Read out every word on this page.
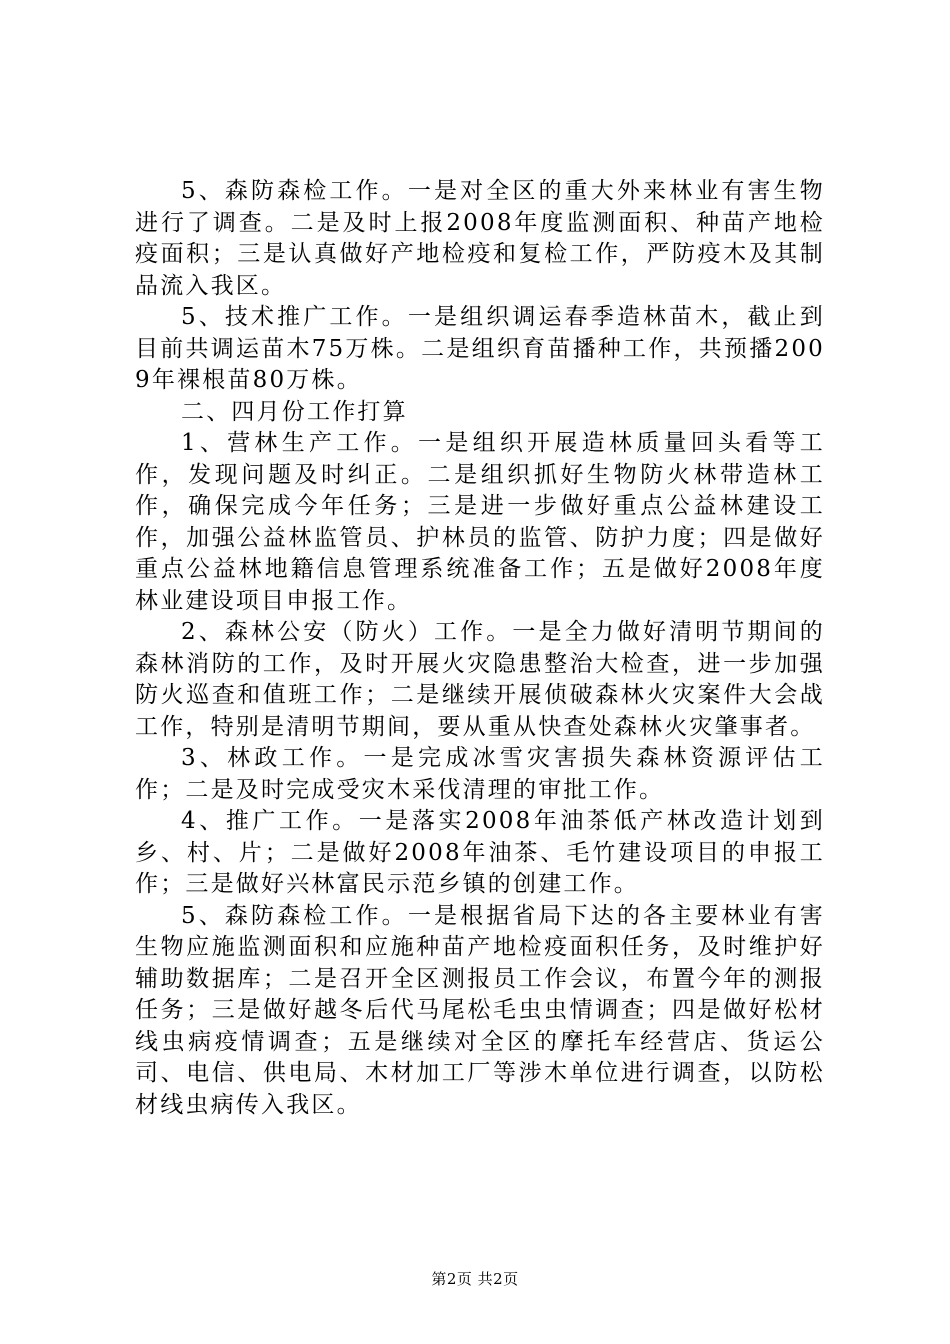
5、森防森检工作。一是对全区的重大外来林业有害生物进行了调查。二是及时上报2008年度监测面积、种苗产地检疫面积；三是认真做好产地检疫和复检工作，严防疫木及其制品流入我区。

5、技术推广工作。一是组织调运春季造林苗木，截止到目前共调运苗木75万株。二是组织育苗播种工作，共预播2009年裸根苗80万株。

二、四月份工作打算

1、营林生产工作。一是组织开展造林质量回头看等工作，发现问题及时纠正。二是组织抓好生物防火林带造林工作，确保完成今年任务；三是进一步做好重点公益林建设工作，加强公益林监管员、护林员的监管、防护力度；四是做好重点公益林地籍信息管理系统准备工作；五是做好2008年度林业建设项目申报工作。

2、森林公安（防火）工作。一是全力做好清明节期间的森林消防的工作，及时开展火灾隐患整治大检查，进一步加强防火巡查和值班工作；二是继续开展侦破森林火灾案件大会战工作，特别是清明节期间，要从重从快查处森林火灾肇事者。

3、林政工作。一是完成冰雪灾害损失森林资源评估工作；二是及时完成受灾木采伐清理的审批工作。

4、推广工作。一是落实2008年油茶低产林改造计划到乡、村、片；二是做好2008年油茶、毛竹建设项目的申报工作；三是做好兴林富民示范乡镇的创建工作。

5、森防森检工作。一是根据省局下达的各主要林业有害生物应施监测面积和应施种苗产地检疫面积任务，及时维护好辅助数据库；二是召开全区测报员工作会议，布置今年的测报任务；三是做好越冬后代马尾松毛虫虫情调查；四是做好松材线虫病疫情调查；五是继续对全区的摩托车经营店、货运公司、电信、供电局、木材加工厂等涉木单位进行调查，以防松材线虫病传入我区。

第2页 共2页
